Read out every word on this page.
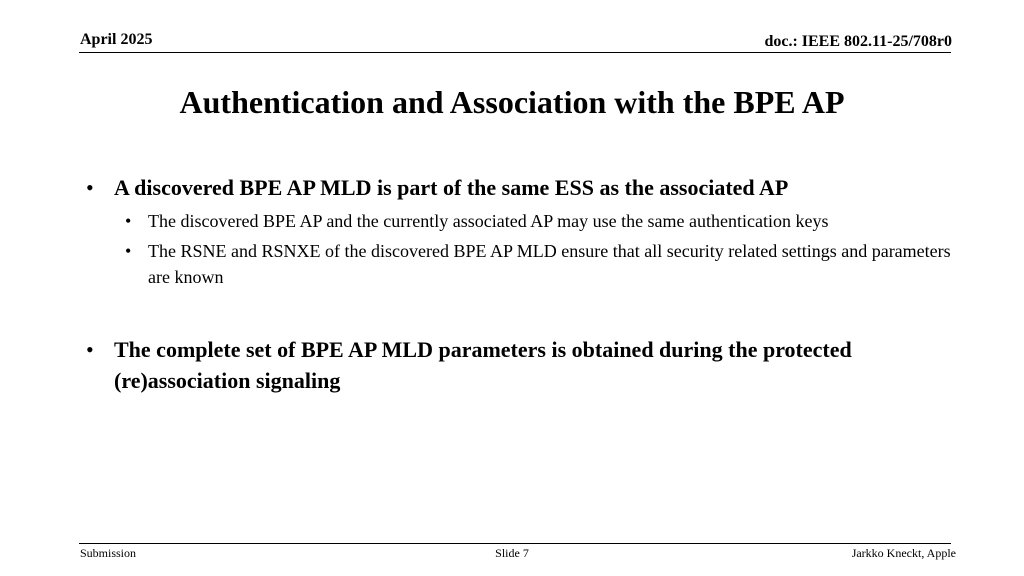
April 2025	doc.: IEEE 802.11-25/708r0
Authentication and Association with the BPE AP
• A discovered BPE AP MLD is part of the same ESS as the associated AP
• The discovered BPE AP and the currently associated AP may use the same authentication keys
• The RSNE and RSNXE of the discovered BPE AP MLD ensure that all security related settings and parameters are known
• The complete set of BPE AP MLD parameters is obtained during the protected (re)association signaling
Submission	Slide 7	Jarkko Kneckt, Apple
